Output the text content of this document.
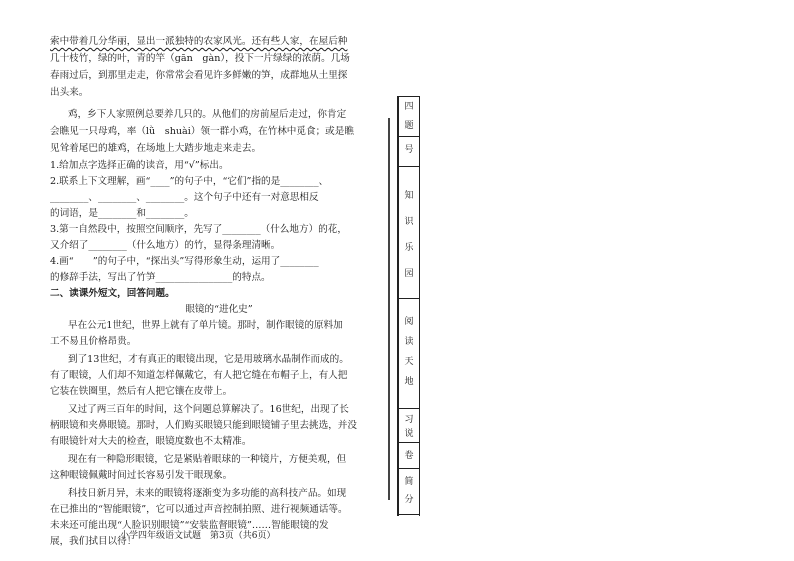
索中带着几分华丽，显出一派独特的农家风光。还有些人家，在屋后种
几十枝竹，绿的叶，青的竿（gān　gàn），投下一片绿绿的浓荫。几场
春雨过后，到那里走走，你常常会看见许多鲜嫩的笋，成群地从土里探
出头来。
鸡，乡下人家照例总要养几只的。从他们的房前屋后走过，你肯定
会瞧见一只母鸡，率（lǜ　shuài）领一群小鸡，在竹林中觅食；或是瞧
见耸着尾巴的雄鸡，在场地上大踏步地走来走去。
1.给加点字选择正确的读音，用“√”标出。
2.联系上下文理解，画“____”的句子中，“它们”指的是________、
________、________、________。这个句子中还有一对意思相反
的词语，是________和________。
3.第一自然段中，按照空间顺序，先写了________（什么地方）的花，
又介绍了________（什么地方）的竹，显得条理清晰。
4.画“　　”的句子中，“探出头”写得形象生动，运用了________
的修辞手法，写出了竹笋________________的特点。
二、读课外短文，回答问题。
眼镜的“进化史”
早在公元1世纪，世界上就有了单片镜。那时，制作眼镜的原料加
工不易且价格昂贵。
到了13世纪，才有真正的眼镜出现，它是用玻璃水晶制作而成的。
有了眼镜，人们却不知道怎样佩戴它，有人把它缝在布帽子上，有人把
它装在铁圈里，然后有人把它镶在皮带上。
又过了两三百年的时间，这个问题总算解决了。16世纪，出现了长
柄眼镜和夹鼻眼镜。那时，人们购买眼镜只能到眼镜铺子里去挑选，并没
有眼镜针对大夫的检查，眼镜度数也不太精准。
现在有一种隐形眼镜，它是紧贴着眼球的一种镜片，方便美观，但
这种眼镜佩戴时间过长容易引发干眼现象。
科技日新月异，未来的眼镜将逐渐变为多功能的高科技产品。如现
在已推出的“智能眼镜”，它可以通过声音控制拍照、进行视频通话等。
未来还可能出现“人脸识别眼镜”“安装监督眼镜”……智能眼镜的发
展，我们拭目以待！
小学四年级语文试题　第3页（共6页）
四
题
号
知
识
乐
园
阅
读
天
地
习
说
卷
简
分
